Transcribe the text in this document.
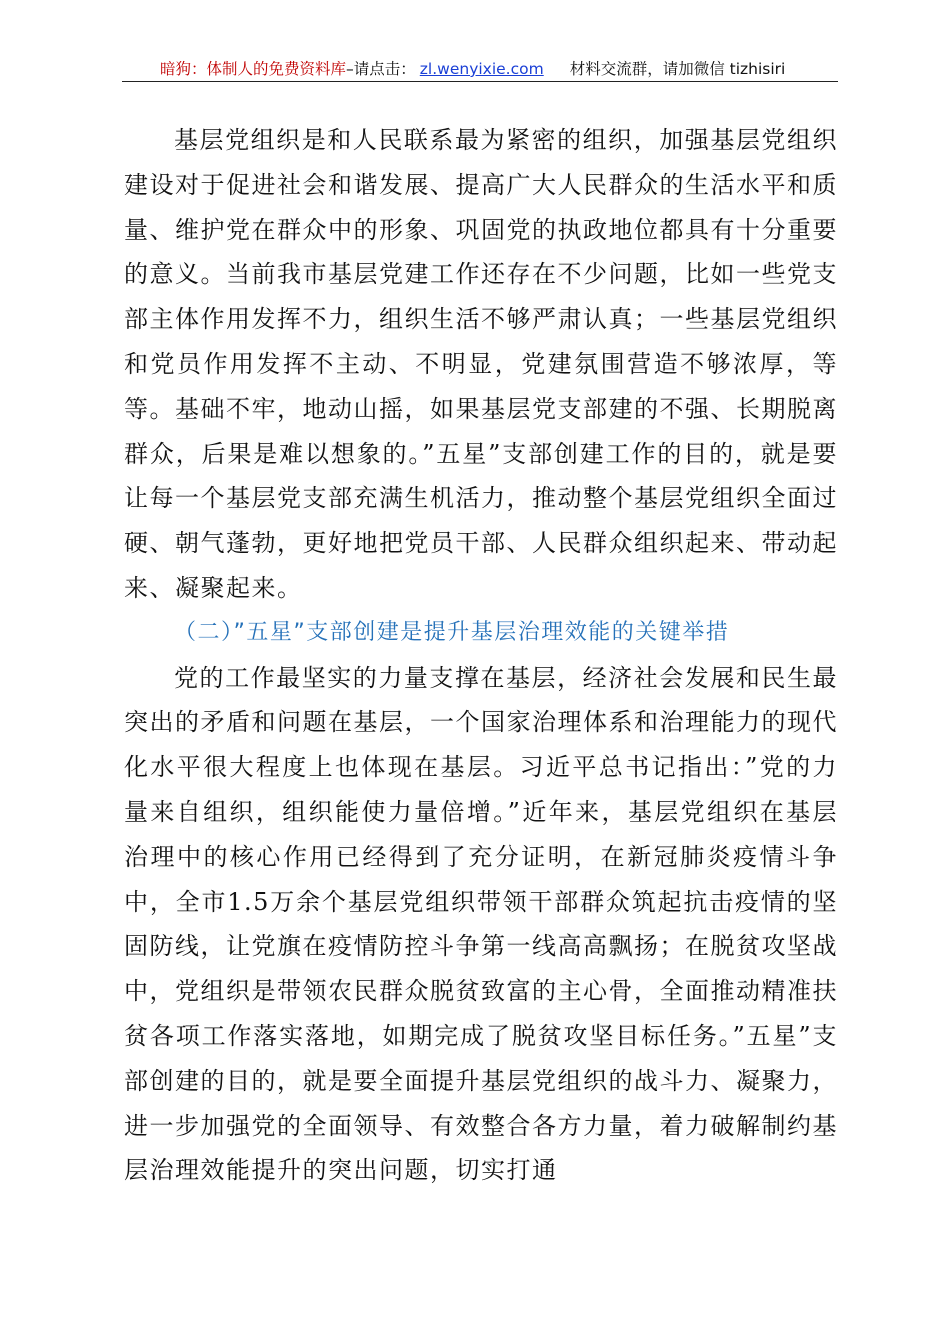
暗狗：体制人的免费资料库 –请点击： zl.wenyixie.com 材料交流群，请加微信 tizhisiri

基层党组织是和人民联系最为紧密的组织，加强基层党组织建设对于促进社会和谐发展、提高广大人民群众的生活水平和质量、维护党在群众中的形象、巩固党的执政地位都具有十分重要的意义。当前我市基层党建工作还存在不少问题，比如一些党支部主体作用发挥不力，组织生活不够严肃认真；一些基层党组织和党员作用发挥不主动、不明显，党建氛围营造不够浓厚，等等。基础不牢，地动山摇，如果基层党支部建的不强、长期脱离群众，后果是难以想象的。”五星”支部创建工作的目的，就是要让每一个基层党支部充满生机活力，推动整个基层党组织全面过硬、朝气蓬勃，更好地把党员干部、人民群众组织起来、带动起来、凝聚起来。

（二）”五星”支部创建是提升基层治理效能的关键举措

党的工作最坚实的力量支撑在基层，经济社会发展和民生最突出的矛盾和问题在基层，一个国家治理体系和治理能力的现代化水平很大程度上也体现在基层。习近平总书记指出：”党的力量来自组织，组织能使力量倍增。”近年来，基层党组织在基层治理中的核心作用已经得到了充分证明，在新冠肺炎疫情斗争中，全市1.5万余个基层党组织带领干部群众筑起抗击疫情的坚固防线，让党旗在疫情防控斗争第一线高高飘扬；在脱贫攻坚战中，党组织是带领农民群众脱贫致富的主心骨，全面推动精准扶贫各项工作落实落地，如期完成了脱贫攻坚目标任务。”五星”支部创建的目的，就是要全面提升基层党组织的战斗力、凝聚力，进一步加强党的全面领导、有效整合各方力量，着力破解制约基层治理效能提升的突出问题，切实打通
